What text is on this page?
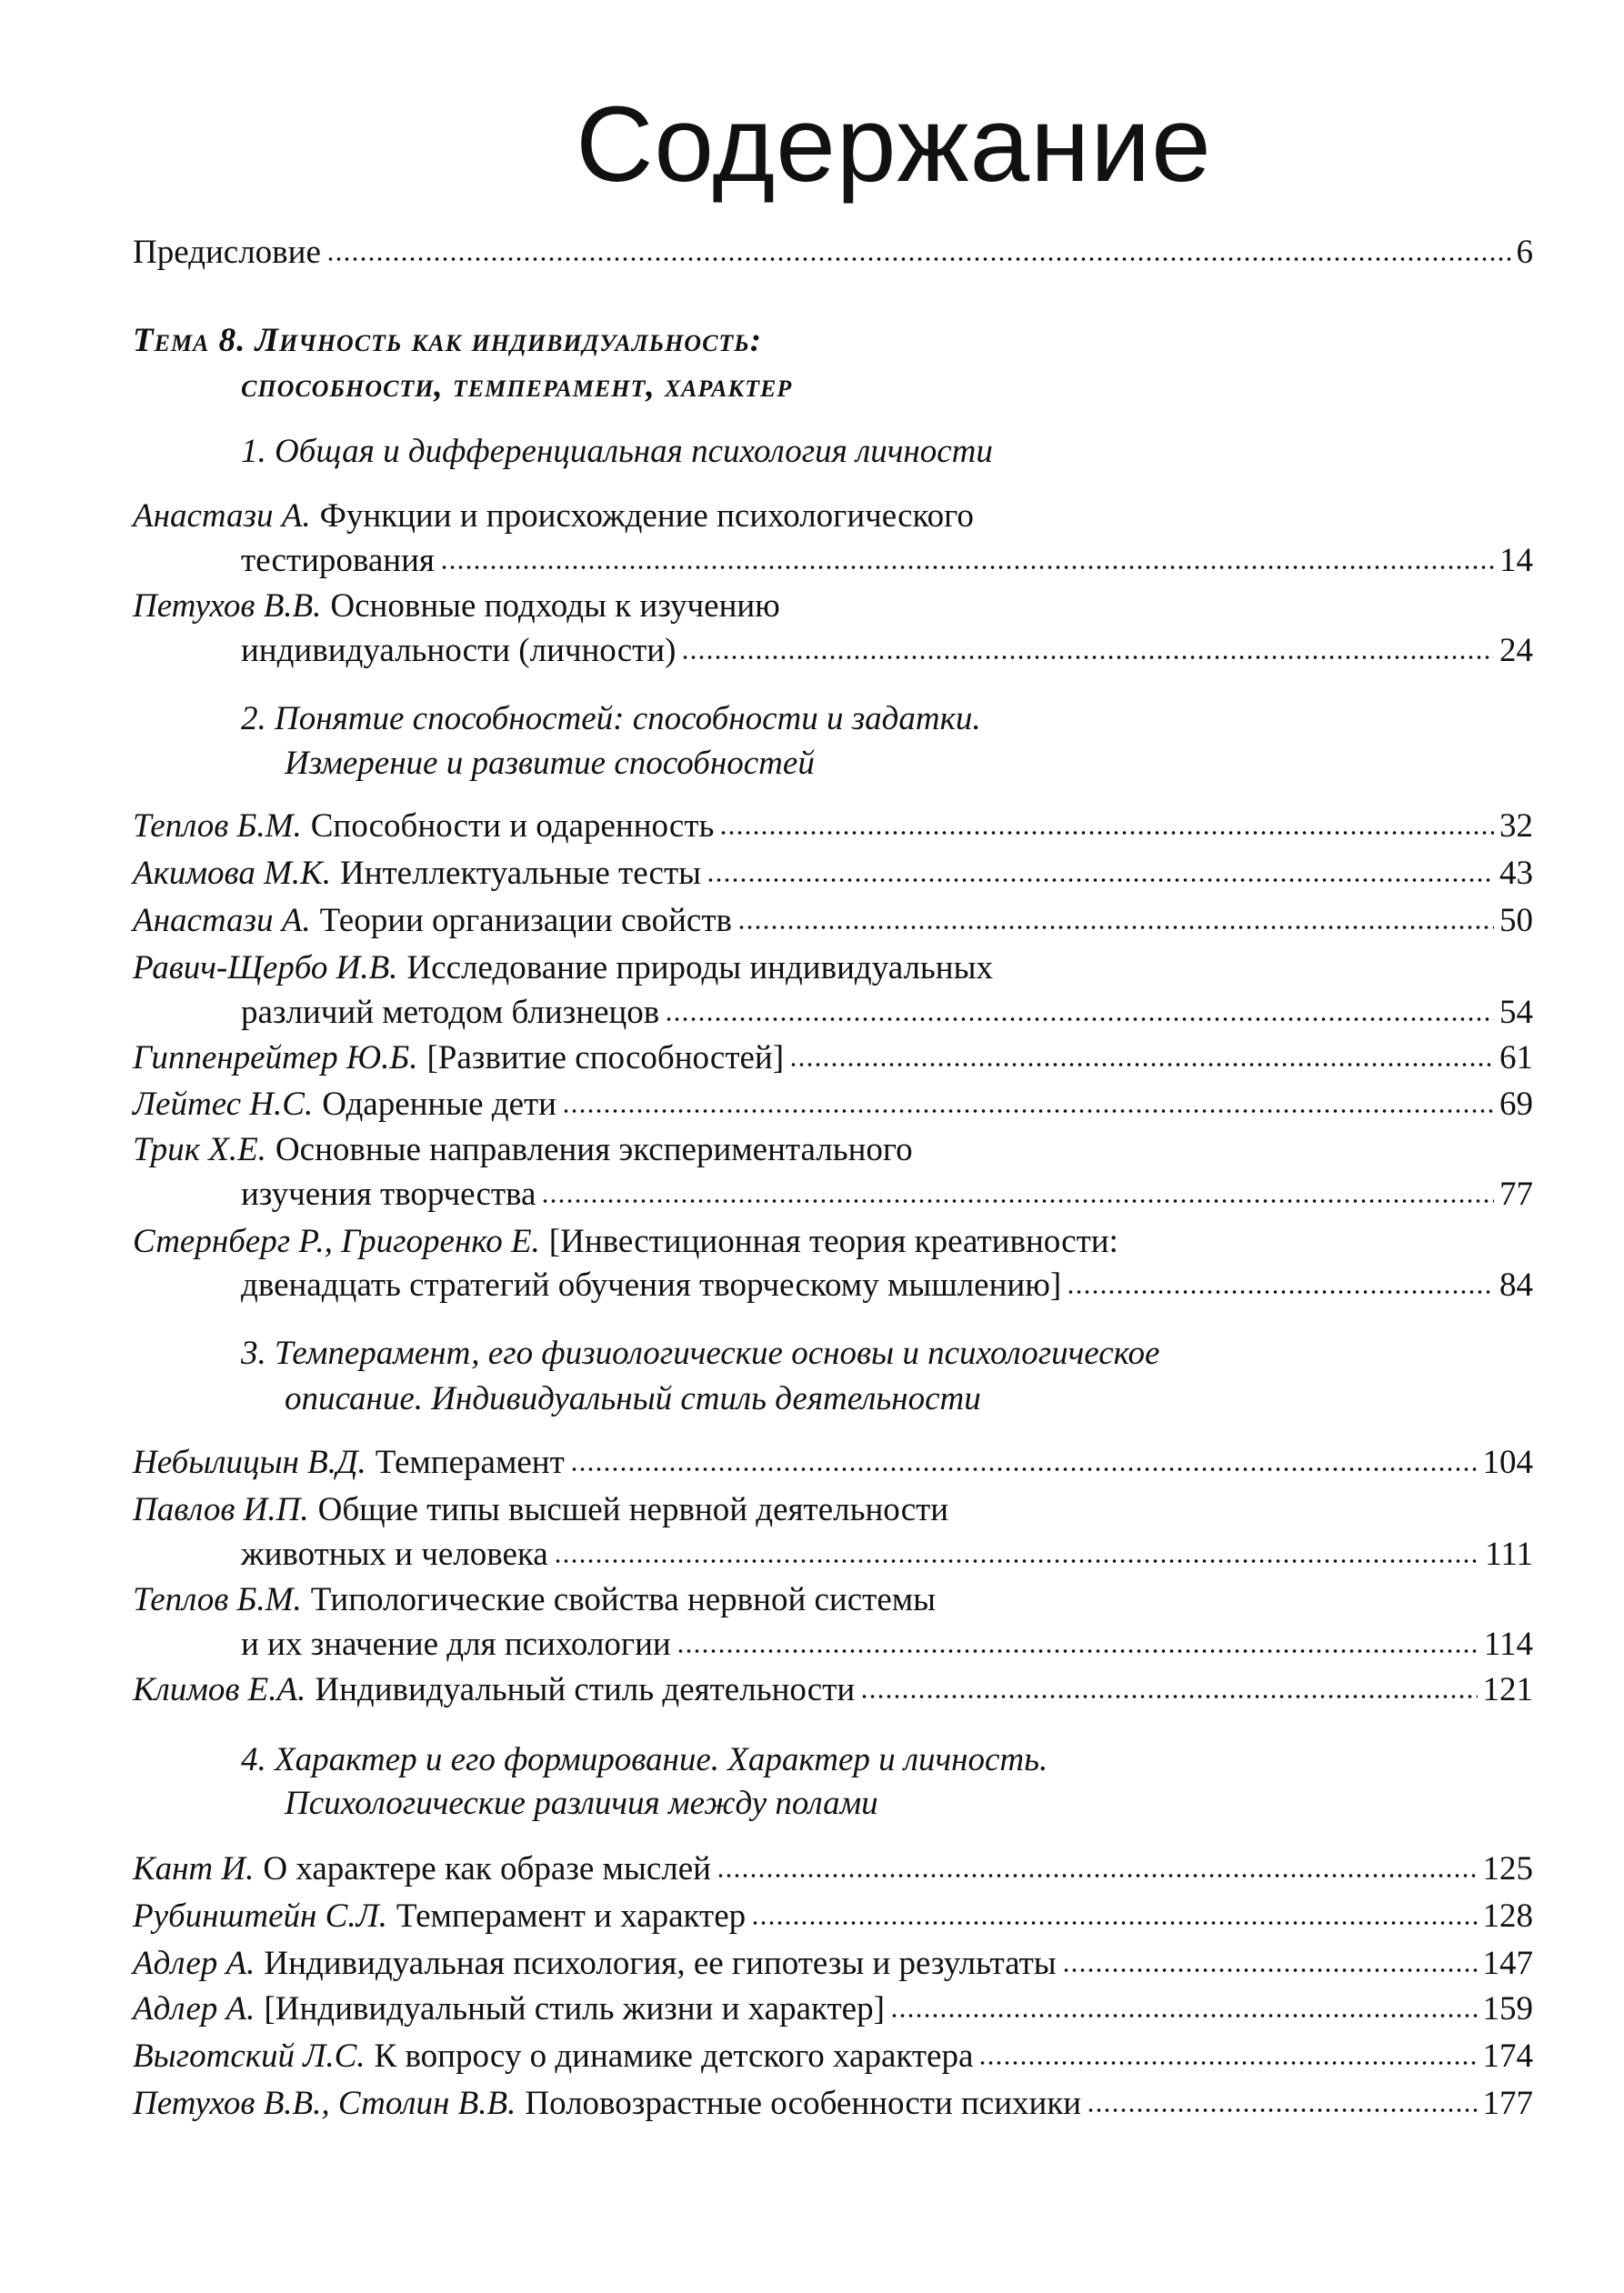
Содержание
Предисловие	6
Тема 8. Личность как индивидуальность:
способности, темперамент, характер
1. Общая и дифференциальная психология личности
Анастази А. Функции и происхождение психологического
тестирования	14
Петухов В.В. Основные подходы к изучению
индивидуальности (личности)	24
2. Понятие способностей: способности и задатки.
Измерение и развитие способностей
Теплов Б.М. Способности и одаренность	32
Акимова М.К. Интеллектуальные тесты	43
Анастази А. Теории организации свойств	50
Равич-Щербо И.В. Исследование природы индивидуальных
различий методом близнецов	54
Гиппенрейтер Ю.Б. [Развитие способностей]	61
Лейтес Н.С. Одаренные дети	69
Трик Х.Е. Основные направления экспериментального
изучения творчества	77
Стернберг Р., Григоренко Е. [Инвестиционная теория креативности:
двенадцать стратегий обучения творческому мышлению]	84
3. Темперамент, его физиологические основы и психологическое
описание. Индивидуальный стиль деятельности
Небылицын В.Д. Темперамент	104
Павлов И.П. Общие типы высшей нервной деятельности
животных и человека	111
Теплов Б.М. Типологические свойства нервной системы
и их значение для психологии	114
Климов Е.А. Индивидуальный стиль деятельности	121
4. Характер и его формирование. Характер и личность.
Психологические различия между полами
Кант И. О характере как образе мыслей	125
Рубинштейн С.Л. Темперамент и характер	128
Адлер А. Индивидуальная психология, ее гипотезы и результаты	147
Адлер А. [Индивидуальный стиль жизни и характер]	159
Выготский Л.С. К вопросу о динамике детского характера	174
Петухов В.В., Столин В.В. Половозрастные особенности психики	177
